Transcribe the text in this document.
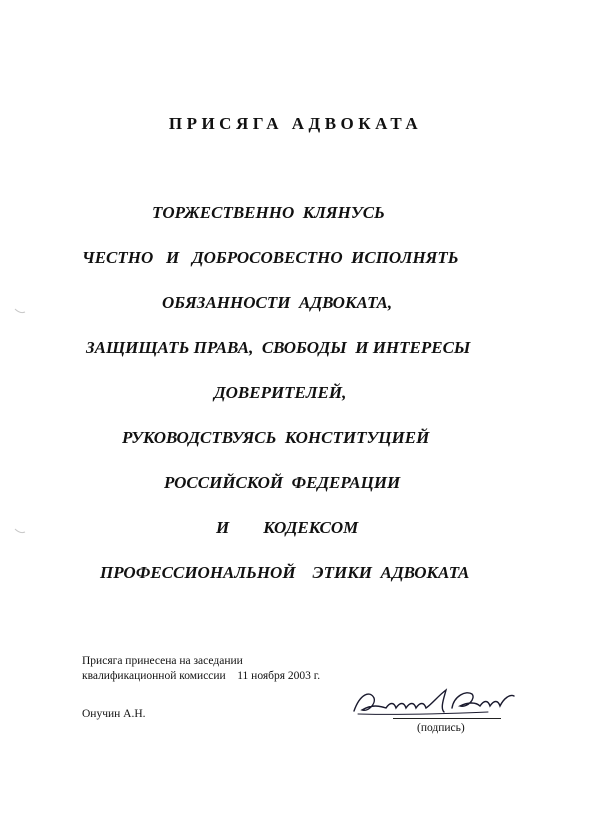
ПРИСЯГА АДВОКАТА

ТОРЖЕСТВЕННО  КЛЯНУСЬ

ЧЕСТНО   И   ДОБРОСОВЕСТНО  ИСПОЛНЯТЬ

ОБЯЗАННОСТИ  АДВОКАТА,

ЗАЩИЩАТЬ ПРАВА,  СВОБОДЫ  И ИНТЕРЕСЫ

ДОВЕРИТЕЛЕЙ,

РУКОВОДСТВУЯСЬ  КОНСТИТУЦИЕЙ

РОССИЙСКОЙ  ФЕДЕРАЦИИ

И        КОДЕКСОМ

ПРОФЕССИОНАЛЬНОЙ    ЭТИКИ  АДВОКАТА

Присяга принесена на заседании

квалификационной комиссии    11 ноября 2003 г.

Онучин А.Н.

(подпись)
